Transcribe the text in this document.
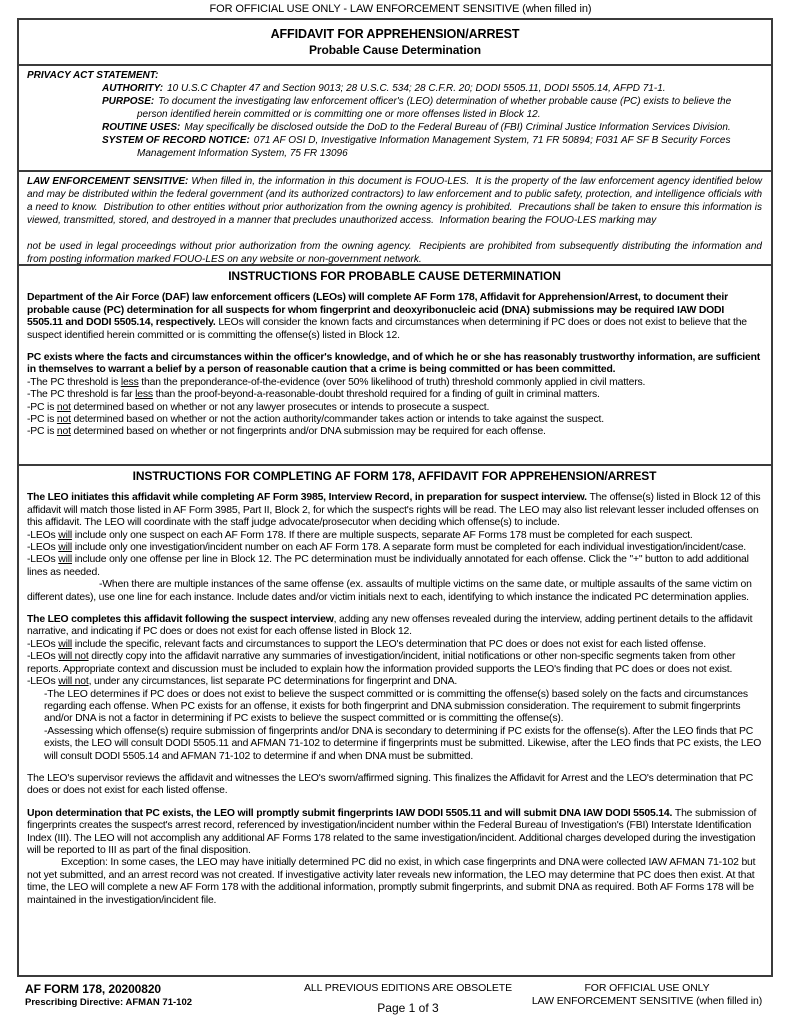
FOR OFFICIAL USE ONLY - LAW ENFORCEMENT SENSITIVE (when filled in)
AFFIDAVIT FOR APPREHENSION/ARREST
Probable Cause Determination
PRIVACY ACT STATEMENT:
AUTHORITY: 10 U.S.C Chapter 47 and Section 9013; 28 U.S.C. 534; 28 C.F.R. 20; DODI 5505.11, DODI 5505.14, AFPD 71-1.
PURPOSE: To document the investigating law enforcement officer's (LEO) determination of whether probable cause (PC) exists to believe the person identified herein committed or is committing one or more offenses listed in Block 12.
ROUTINE USES: May specifically be disclosed outside the DoD to the Federal Bureau of (FBI) Criminal Justice Information Services Division.
SYSTEM OF RECORD NOTICE: 071 AF OSI D, Investigative Information Management System, 71 FR 50894; F031 AF SF B Security Forces Management Information System, 75 FR 13096

LAW ENFORCEMENT SENSITIVE: When filled in, the information in this document is FOUO-LES.  It is the property of the law enforcement agency identified below and may be distributed within the federal government (and its authorized contractors) to law enforcement and to public safety, protection, and intelligence officials with a need to know.  Distribution to other entities without prior authorization from the owning agency is prohibited.  Precautions shall be taken to ensure this information is viewed, transmitted, stored, and destroyed in a manner that precludes unauthorized access.  Information bearing the FOUO-LES marking may

not be used in legal proceedings without prior authorization from the owning agency.  Recipients are prohibited from subsequently distributing the information and from posting information marked FOUO-LES on any website or non-government network.

INSTRUCTIONS FOR PROBABLE CAUSE DETERMINATION
Department of the Air Force (DAF) law enforcement officers (LEOs) will complete AF Form 178, Affidavit for Apprehension/Arrest, to document their probable cause (PC) determination for all suspects for whom fingerprint and deoxyribonucleic acid (DNA) submissions may be required IAW DODI 5505.11 and DODI 5505.14, respectively. LEOs will consider the known facts and circumstances when determining if PC does or does not exist to believe that the suspect identified herein committed or is committing the offense(s) listed in Block 12.
PC exists where the facts and circumstances within the officer's knowledge, and of which he or she has reasonably trustworthy information, are sufficient in themselves to warrant a belief by a person of reasonable caution that a crime is being committed or has been committed.
-The PC threshold is less than the preponderance-of-the-evidence (over 50% likelihood of truth) threshold commonly applied in civil matters.
-The PC threshold is far less than the proof-beyond-a-reasonable-doubt threshold required for a finding of guilt in criminal matters.
-PC is not determined based on whether or not any lawyer prosecutes or intends to prosecute a suspect.
-PC is not determined based on whether or not the action authority/commander takes action or intends to take against the suspect.
-PC is not determined based on whether or not fingerprints and/or DNA submission may be required for each offense.
INSTRUCTIONS FOR COMPLETING AF FORM 178, AFFIDAVIT FOR APPREHENSION/ARREST
The LEO initiates this affidavit while completing AF Form 3985, Interview Record, in preparation for suspect interview. The offense(s) listed in Block 12 of this affidavit will match those listed in AF Form 3985, Part II, Block 2, for which the suspect's rights will be read. The LEO may also list relevant lesser included offenses on this affidavit. The LEO will coordinate with the staff judge advocate/prosecutor when deciding which offense(s) to include.
-LEOs will include only one suspect on each AF Form 178. If there are multiple suspects, separate AF Forms 178 must be completed for each suspect.
-LEOs will include only one investigation/incident number on each AF Form 178. A separate form must be completed for each individual investigation/incident/case.
-LEOs will include only one offense per line in Block 12. The PC determination must be individually annotated for each offense. Click the "+" button to add additional lines as needed.
-When there are multiple instances of the same offense (ex. assaults of multiple victims on the same date, or multiple assaults of the same victim on different dates), use one line for each instance. Include dates and/or victim initials next to each, identifying to which instance the indicated PC determination applies.
The LEO completes this affidavit following the suspect interview, adding any new offenses revealed during the interview, adding pertinent details to the affidavit narrative, and indicating if PC does or does not exist for each offense listed in Block 12.
-LEOs will include the specific, relevant facts and circumstances to support the LEO's determination that PC does or does not exist for each listed offense.
-LEOs will not directly copy into the affidavit narrative any summaries of investigation/incident, initial notifications or other non-specific segments taken from other reports. Appropriate context and discussion must be included to explain how the information provided supports the LEO's finding that PC does or does not exist.
-LEOs will not, under any circumstances, list separate PC determinations for fingerprint and DNA.
-The LEO determines if PC does or does not exist to believe the suspect committed or is committing the offense(s) based solely on the facts and circumstances regarding each offense. When PC exists for an offense, it exists for both fingerprint and DNA submission consideration. The requirement to submit fingerprints and/or DNA is not a factor in determining if PC exists to believe the suspect committed or is committing the offense(s).
-Assessing which offense(s) require submission of fingerprints and/or DNA is secondary to determining if PC exists for the offense(s). After the LEO finds that PC exists, the LEO will consult DODI 5505.11 and AFMAN 71-102 to determine if fingerprints must be submitted. Likewise, after the LEO finds that PC exists, the LEO will consult DODI 5505.14 and AFMAN 71-102 to determine if and when DNA must be submitted.
The LEO's supervisor reviews the affidavit and witnesses the LEO's sworn/affirmed signing. This finalizes the Affidavit for Arrest and the LEO's determination that PC does or does not exist for each listed offense.
Upon determination that PC exists, the LEO will promptly submit fingerprints IAW DODI 5505.11 and will submit DNA IAW DODI 5505.14. The submission of fingerprints creates the suspect's arrest record, referenced by investigation/incident number within the Federal Bureau of Investigation's (FBI) Interstate Identification Index (III). The LEO will not accomplish any additional AF Forms 178 related to the same investigation/incident. Additional charges developed during the investigation will be reported to III as part of the final disposition.
Exception: In some cases, the LEO may have initially determined PC did no exist, in which case fingerprints and DNA were collected IAW AFMAN 71-102 but not yet submitted, and an arrest record was not created. If investigative activity later reveals new information, the LEO may determine that PC does then exist. At that time, the LEO will complete a new AF Form 178 with the additional information, promptly submit fingerprints, and submit DNA as required. Both AF Forms 178 will be maintained in the investigation/incident file.
AF FORM 178, 20200820
Prescribing Directive: AFMAN 71-102
ALL PREVIOUS EDITIONS ARE OBSOLETE
Page 1 of 3
FOR OFFICIAL USE ONLY
LAW ENFORCEMENT SENSITIVE (when filled in)
